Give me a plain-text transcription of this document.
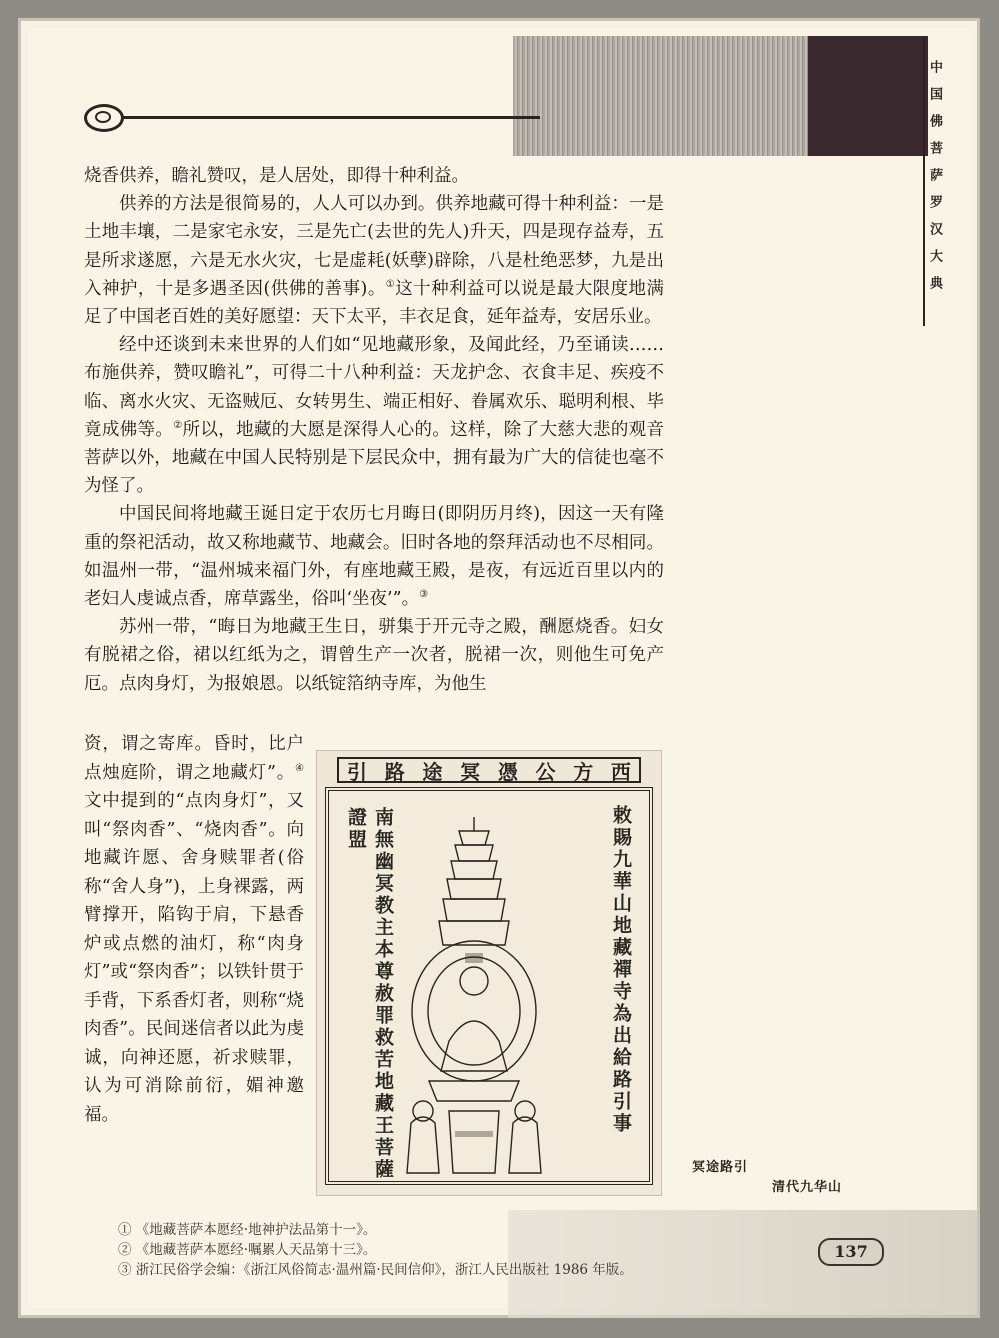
中国佛菩萨罗汉大典

烧香供养，瞻礼赞叹，是人居处，即得十种利益。

供养的方法是很简易的，人人可以办到。供养地藏可得十种利益：一是土地丰壤，二是家宅永安，三是先亡(去世的先人)升天，四是现存益寿，五是所求遂愿，六是无水火灾，七是虚耗(妖孽)辟除，八是杜绝恶梦，九是出入神护，十是多遇圣因(供佛的善事)。①这十种利益可以说是最大限度地满足了中国老百姓的美好愿望：天下太平，丰衣足食，延年益寿，安居乐业。

经中还谈到未来世界的人们如“见地藏形象，及闻此经，乃至诵读……布施供养，赞叹瞻礼”，可得二十八种利益：天龙护念、衣食丰足、疾疫不临、离水火灾、无盗贼厄、女转男生、端正相好、眷属欢乐、聪明利根、毕竟成佛等。②所以，地藏的大愿是深得人心的。这样，除了大慈大悲的观音菩萨以外，地藏在中国人民特别是下层民众中，拥有最为广大的信徒也毫不为怪了。

中国民间将地藏王诞日定于农历七月晦日(即阴历月终)，因这一天有隆重的祭祀活动，故又称地藏节、地藏会。旧时各地的祭拜活动也不尽相同。如温州一带，“温州城来福门外，有座地藏王殿，是夜，有远近百里以内的老妇人虔诚点香，席草露坐，俗叫‘坐夜’”。③

苏州一带，“晦日为地藏王生日，骈集于开元寺之殿，酬愿烧香。妇女有脱裙之俗，裙以红纸为之，谓曾生产一次者，脱裙一次，则他生可免产厄。点肉身灯，为报娘恩。以纸锭箔纳寺库，为他生

资，谓之寄库。昏时，比户点烛庭阶，谓之地藏灯”。④文中提到的“点肉身灯”，又叫“祭肉香”、“烧肉香”。向地藏许愿、舍身赎罪者(俗称“舍人身”)，上身裸露，两臂撑开，陷钩于肩，下悬香炉或点燃的油灯，称“肉身灯”或“祭肉香”；以铁针贯于手背，下系香灯者，则称“烧肉香”。民间迷信者以此为虔诚，向神还愿，祈求赎罪，认为可消除前衍，媚神邀福。
引 路 途 冥 憑 公 方 西
南無幽冥教主本尊赦罪救苦地藏王菩薩證盟	敕賜九華山地藏禪寺為出給路引事
冥途路引
清代九华山
① 《地藏菩萨本愿经·地神护法品第十一》。
② 《地藏菩萨本愿经·嘱累人天品第十三》。
③ 浙江民俗学会编：《浙江风俗简志·温州篇·民间信仰》，浙江人民出版社 1986 年版。
137
